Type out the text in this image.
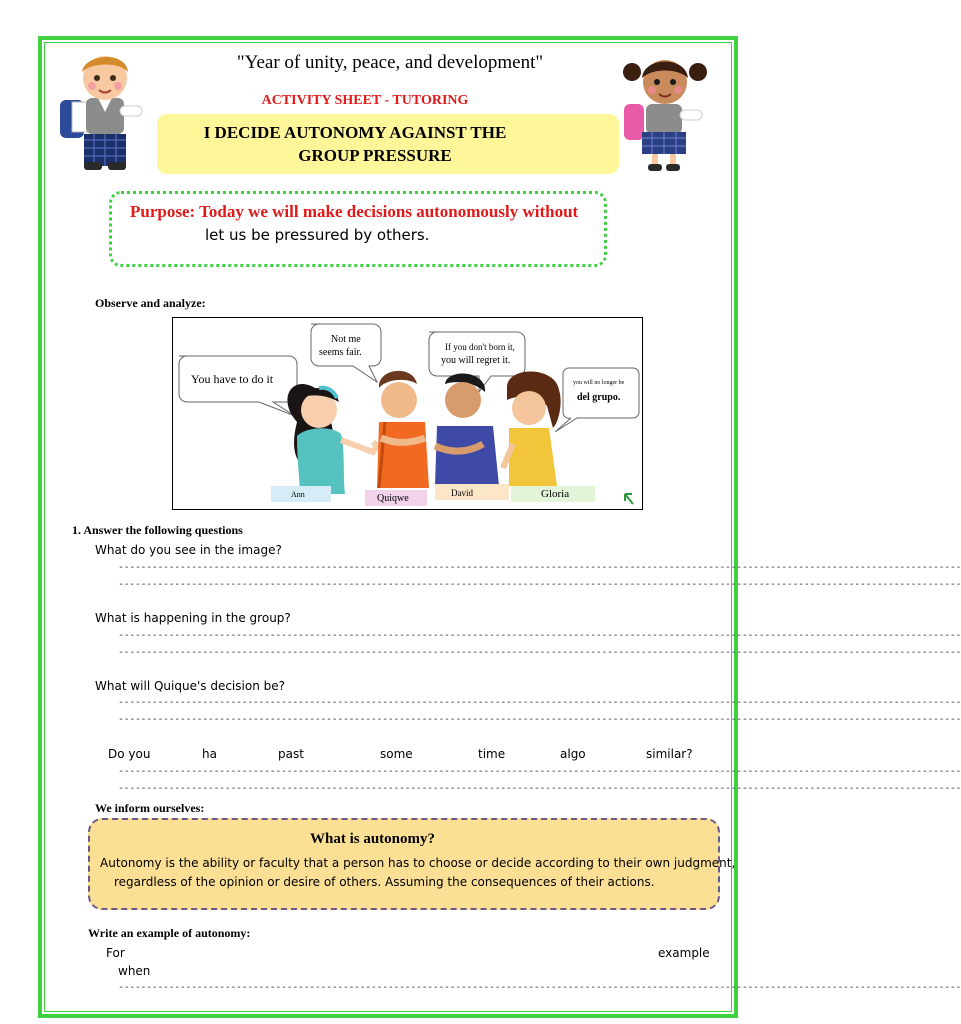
"Year of unity, peace, and development"
ACTIVITY SHEET - TUTORING
I DECIDE AUTONOMY AGAINST THE
GROUP PRESSURE
Purpose: Today we will make decisions autonomously without
let us be pressured by others.
Observe and analyze:
You have to do it
Not me
seems fair.	If you don't born it,
you will regret it.
you will no longer be
del grupo.
Ann	Quiqwe	David	Gloria
1. Answer the following questions
What do you see in the image?
------------------------------------------------------------------------------------------------------------------------------------------------------
------------------------------------------------------------------------------------------------------------------------------------------------------
What is happening in the group?
------------------------------------------------------------------------------------------------------------------------------------------------------
------------------------------------------------------------------------------------------------------------------------------------------------------
What will Quique's decision be?
------------------------------------------------------------------------------------------------------------------------------------------------------
------------------------------------------------------------------------------------------------------------------------------------------------------
Do you	ha	past	some	time	algo	similar?
------------------------------------------------------------------------------------------------------------------------------------------------------
------------------------------------------------------------------------------------------------------------------------------------------------------
We inform ourselves:
What is autonomy?
Autonomy is the ability or faculty that a person has to choose or decide according to their own judgment,
regardless of the opinion or desire of others. Assuming the consequences of their actions.
Write an example of autonomy:
For	example
when
------------------------------------------------------------------------------------------------------------------------------------------------------
